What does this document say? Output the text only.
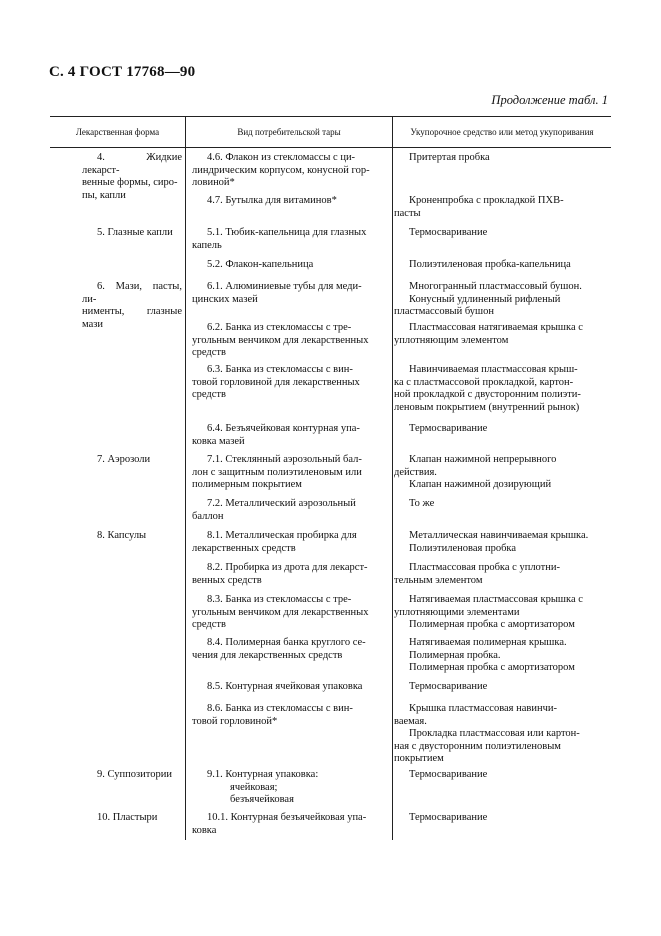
С. 4 ГОСТ 17768—90
Продолжение табл. 1
Лекарственная форма	Вид потребительской тары	Укупорочное средство или метод укупоривания
4. Жидкие лекарст-
венные формы, сиро-
пы, капли
5. Глазные капли
6. Мази, пасты, ли-
нименты, глазные мази
7. Аэрозоли
8. Капсулы
9. Суппозитории
10. Пластыри
4.6. Флакон из стекломассы с ци-
линдрическим корпусом, конусной гор-
ловиной*
4.7. Бутылка для витаминов*
5.1. Тюбик-капельница для глазных
капель
5.2. Флакон-капельница
6.1. Алюминиевые тубы для меди-
цинских мазей
6.2. Банка из стекломассы с тре-
угольным венчиком для лекарственных
средств
6.3. Банка из стекломассы с вин-
товой горловиной для лекарственных
средств
6.4. Безъячейковая контурная упа-
ковка мазей
7.1. Стеклянный аэрозольный бал-
лон с защитным полиэтиленовым или
полимерным покрытием
7.2. Металлический аэрозольный
баллон
8.1. Металлическая пробирка для
лекарственных средств
8.2. Пробирка из дрота для лекарст-
венных средств
8.3. Банка из стекломассы с тре-
угольным венчиком для лекарственных
средств
8.4. Полимерная банка круглого се-
чения для лекарственных средств
8.5. Контурная ячейковая упаковка
8.6. Банка из стекломассы с вин-
товой горловиной*
9.1. Контурная упаковка:
ячейковая;
безъячейковая
10.1. Контурная безъячейковая упа-
ковка
Притертая пробка
Кроненпробка с прокладкой ПХВ-
пасты
Термосваривание
Полиэтиленовая пробка-капельница
Многогранный пластмассовый бушон.
Конусный удлиненный рифленый
пластмассовый бушон
Пластмассовая натягиваемая крышка с
уплотняющим элементом
Навинчиваемая пластмассовая крыш-
ка с пластмассовой прокладкой, картон-
ной прокладкой с двусторонним полиэти-
леновым покрытием (внутренний рынок)
Термосваривание
Клапан нажимной непрерывного
действия.
Клапан нажимной дозирующий
То же
Металлическая навинчиваемая крышка.
Полиэтиленовая пробка
Пластмассовая пробка с уплотни-
тельным элементом
Натягиваемая пластмассовая крышка с
уплотняющими элементами
Полимерная пробка с амортизатором
Натягиваемая полимерная крышка.
Полимерная пробка.
Полимерная пробка с амортизатором
Термосваривание
Крышка пластмассовая навинчи-
ваемая.
Прокладка пластмассовая или картон-
ная с двусторонним полиэтиленовым
покрытием
Термосваривание
Термосваривание
